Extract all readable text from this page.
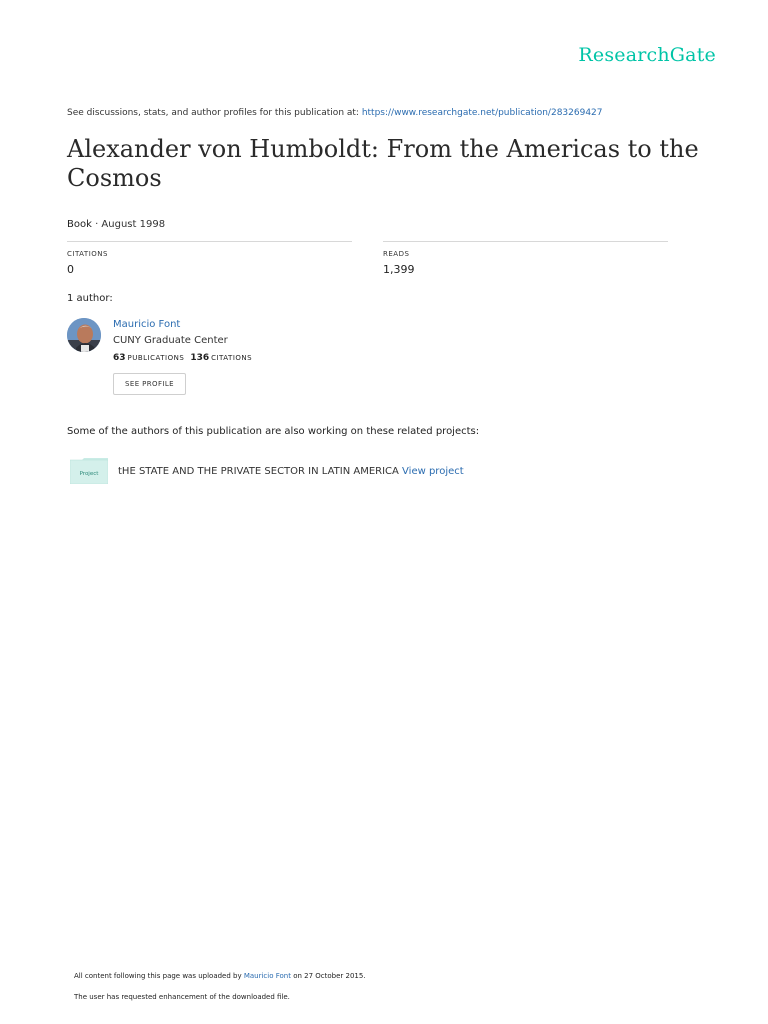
ResearchGate
See discussions, stats, and author profiles for this publication at: https://www.researchgate.net/publication/283269427
Alexander von Humboldt: From the Americas to the Cosmos
Book · August 1998
CITATIONS
0
READS
1,399
1 author:
Mauricio Font
CUNY Graduate Center
63 PUBLICATIONS 136 CITATIONS
SEE PROFILE
Some of the authors of this publication are also working on these related projects:
Project tHE STATE AND THE PRIVATE SECTOR IN LATIN AMERICA View project
All content following this page was uploaded by Mauricio Font on 27 October 2015.
The user has requested enhancement of the downloaded file.
